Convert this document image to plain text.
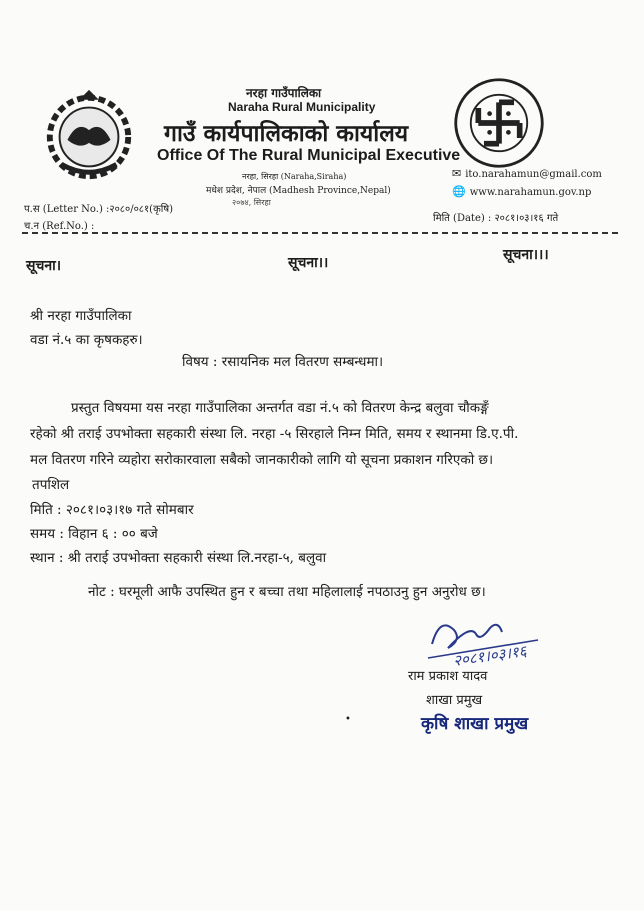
नरहा गाउँपालिका
Naraha Rural Municipality
गाउँ कार्यपालिकाको कार्यालय
Office Of The Rural Municipal Executive
नरहा, सिरहा (Naraha,Siraha)
मधेश प्रदेश, नेपाल (Madhesh Province,Nepal)
२०७४, सिरहा
✉ ito.narahamun@gmail.com
🌐 www.narahamun.gov.np
प.स (Letter No.) :२०८०/०८१(कृषि)
च.न (Ref.No.) :
मिति (Date) : २०८१।०३।१६ गते
सूचना।	सूचना।।	सूचना।।।
श्री नरहा गाउँपालिका
वडा नं.५ का कृषकहरु।
विषय : रसायनिक मल वितरण सम्बन्धमा।
प्रस्तुत विषयमा यस नरहा गाउँपालिका अन्तर्गत वडा नं.५ को वितरण केन्द्र बलुवा चौकङ्गँ
रहेको श्री तराई उपभोक्ता सहकारी संस्था लि. नरहा -५ सिरहाले निम्न मिति, समय र स्थानमा डि.ए.पी.
मल वितरण गरिने व्यहोरा सरोकारवाला सबैको जानकारीको लागि यो सूचना प्रकाशन गरिएको छ।
तपशिल
मिति : २०८१।०३।१७ गते सोमबार
समय : विहान ६ : ०० बजे
स्थान : श्री तराई उपभोक्ता सहकारी संस्था लि.नरहा-५, बलुवा
नोट : घरमूली आफै उपस्थित हुन र बच्चा तथा महिलालाई नपठाउनु हुन अनुरोध छ।
२०८१।०३।१६
राम प्रकाश यादव
शाखा प्रमुख
कृषि शाखा प्रमुख
•
